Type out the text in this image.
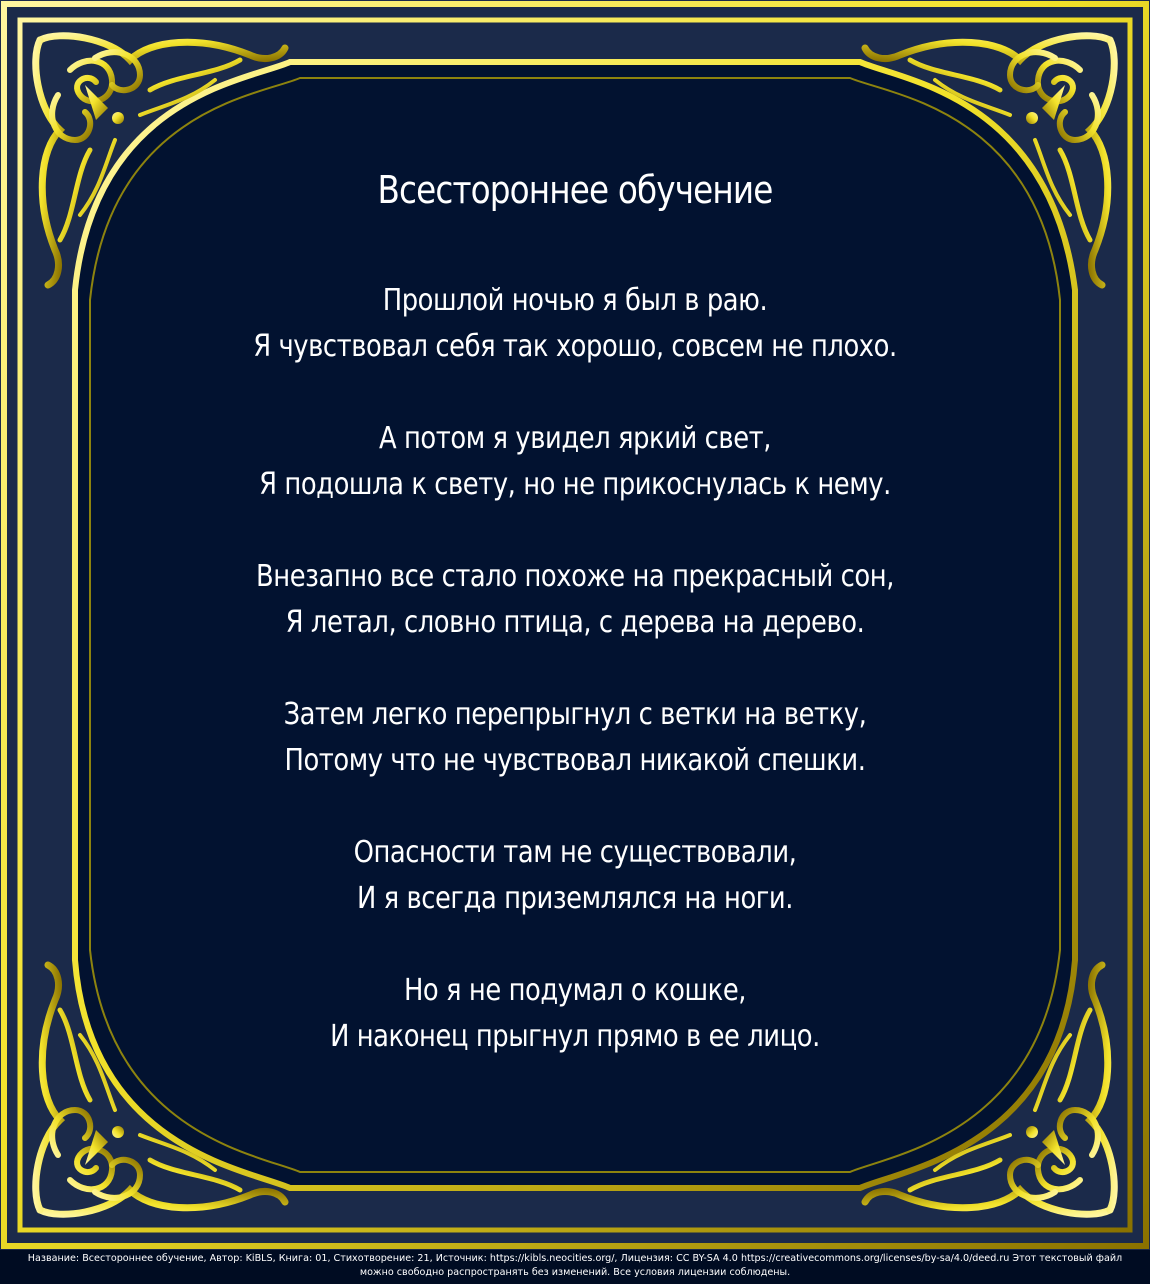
Всестороннее обучение
Прошлой ночью я был в раю.
Я чувствовал себя так хорошо, совсем не плохо.
А потом я увидел яркий свет,
Я подошла к свету, но не прикоснулась к нему.
Внезапно все стало похоже на прекрасный сон,
Я летал, словно птица, с дерева на дерево.
Затем легко перепрыгнул с ветки на ветку,
Потому что не чувствовал никакой спешки.
Опасности там не существовали,
И я всегда приземлялся на ноги.
Но я не подумал о кошке,
И наконец прыгнул прямо в ее лицо.
Название: Всестороннее обучение, Автор: KiBLS, Книга: 01, Стихотворение: 21, Источник: https://kibls.neocities.org/, Лицензия: CC BY-SA 4.0 https://creativecommons.org/licenses/by-sa/4.0/deed.ru Этот текстовый файл
можно свободно распространять без изменений. Все условия лицензии соблюдены.
